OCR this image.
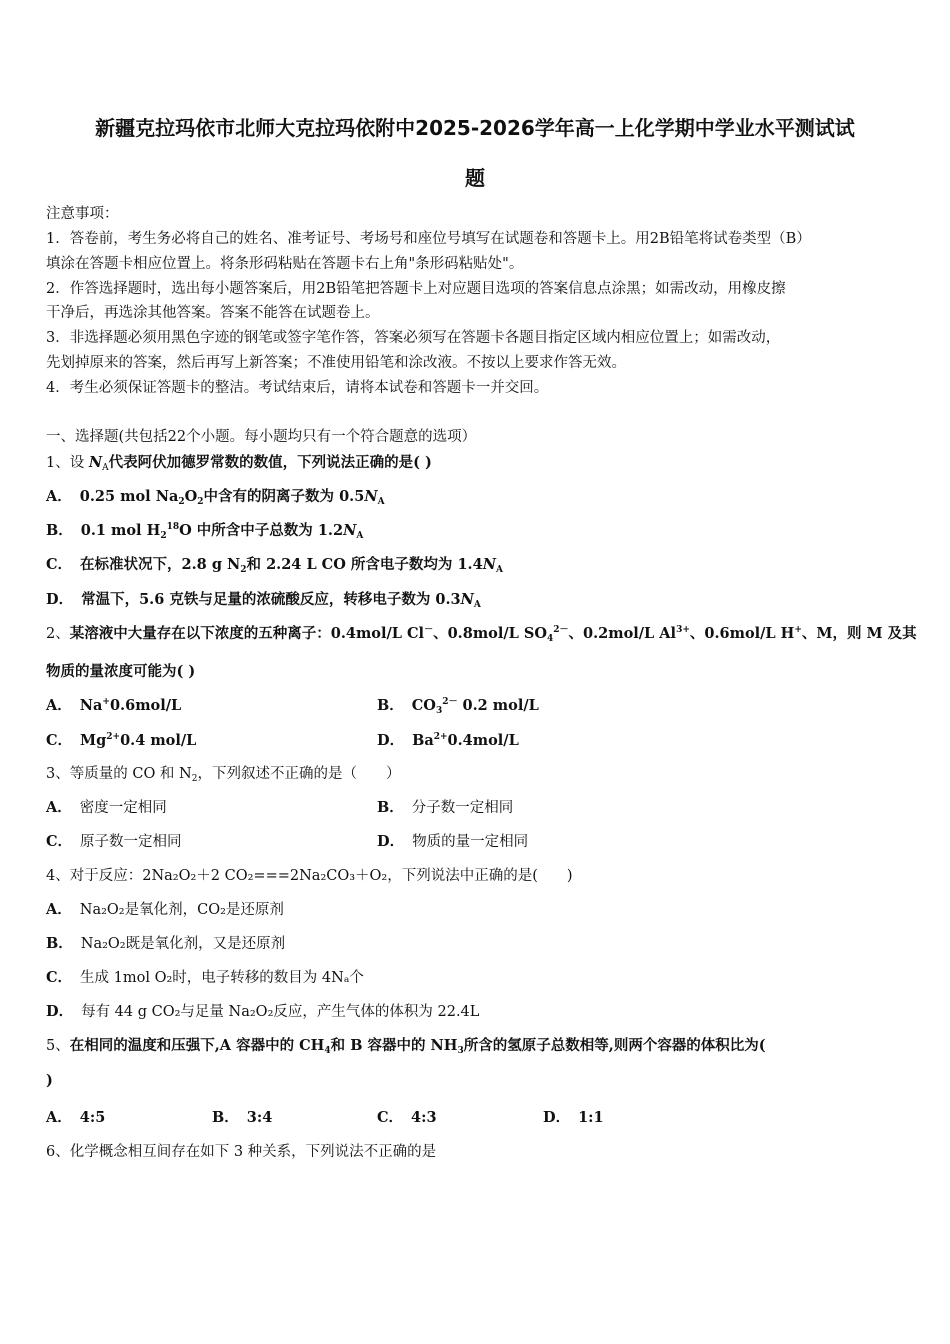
新疆克拉玛依市北师大克拉玛依附中2025-2026学年高一上化学期中学业水平测试试
题
注意事项：
1．答卷前，考生务必将自己的姓名、准考证号、考场号和座位号填写在试题卷和答题卡上。用2B铅笔将试卷类型（B）
填涂在答题卡相应位置上。将条形码粘贴在答题卡右上角"条形码粘贴处"。
2．作答选择题时，选出每小题答案后，用2B铅笔把答题卡上对应题目选项的答案信息点涂黑；如需改动，用橡皮擦
干净后，再选涂其他答案。答案不能答在试题卷上。
3．非选择题必须用黑色字迹的钢笔或签字笔作答，答案必须写在答题卡各题目指定区域内相应位置上；如需改动，
先划掉原来的答案，然后再写上新答案；不准使用铅笔和涂改液。不按以上要求作答无效。
4．考生必须保证答题卡的整洁。考试结束后，请将本试卷和答题卡一并交回。
一、选择题(共包括22个小题。每小题均只有一个符合题意的选项）
1、设 $N_A$代表阿伏加德罗常数的数值，下列说法正确的是( )
A． 0.25 mol $Na_2O_2$中含有的阴离子数为 $0.5N_A$
B． 0.1 mol $H_2^{18}O$ 中所含中子总数为 $1.2N_A$
C． 在标准状况下，2.8 g $N_2$和 2.24 L CO 所含电子数均为 $1.4N_A$
D． 常温下，5.6 克铁与足量的浓硫酸反应，转移电子数为 $0.3N_A$
2、某溶液中大量存在以下浓度的五种离子：0.4mol/L Cl－、0.8mol/L $SO_4^{2-}$、0.2mol/L $Al^{3+}$、0.6mol/L H+、M，则 M 及其
物质的量浓度可能为( )
A． Na+0.6mol/L	B． $CO_3^{2-}$ 0.2 mol/L
C． $Mg^{2+}0.4$ mol/L	D． $Ba^{2+}0.4mol/L$
3、等质量的 CO 和 $N_2$，下列叙述不正确的是（　　）
A． 密度一定相同	B． 分子数一定相同
C． 原子数一定相同	D． 物质的量一定相同
4、对于反应：2Na₂O₂＋2 CO₂===2Na₂CO₃＋O₂，下列说法中正确的是(　　)
A． Na₂O₂是氧化剂，CO₂是还原剂
B． Na₂O₂既是氧化剂，又是还原剂
C． 生成 1mol O₂时，电子转移的数目为 4Nₐ个
D． 每有 44 g CO₂与足量 Na₂O₂反应，产生气体的体积为 22.4L
5、在相同的温度和压强下,A 容器中的 $CH_4$和 B 容器中的 $NH_3$所含的氢原子总数相等,则两个容器的体积比为(
)
A． 4:5	B． 3:4	C． 4:3	D． 1:1
6、化学概念相互间存在如下 3 种关系，下列说法不正确的是
